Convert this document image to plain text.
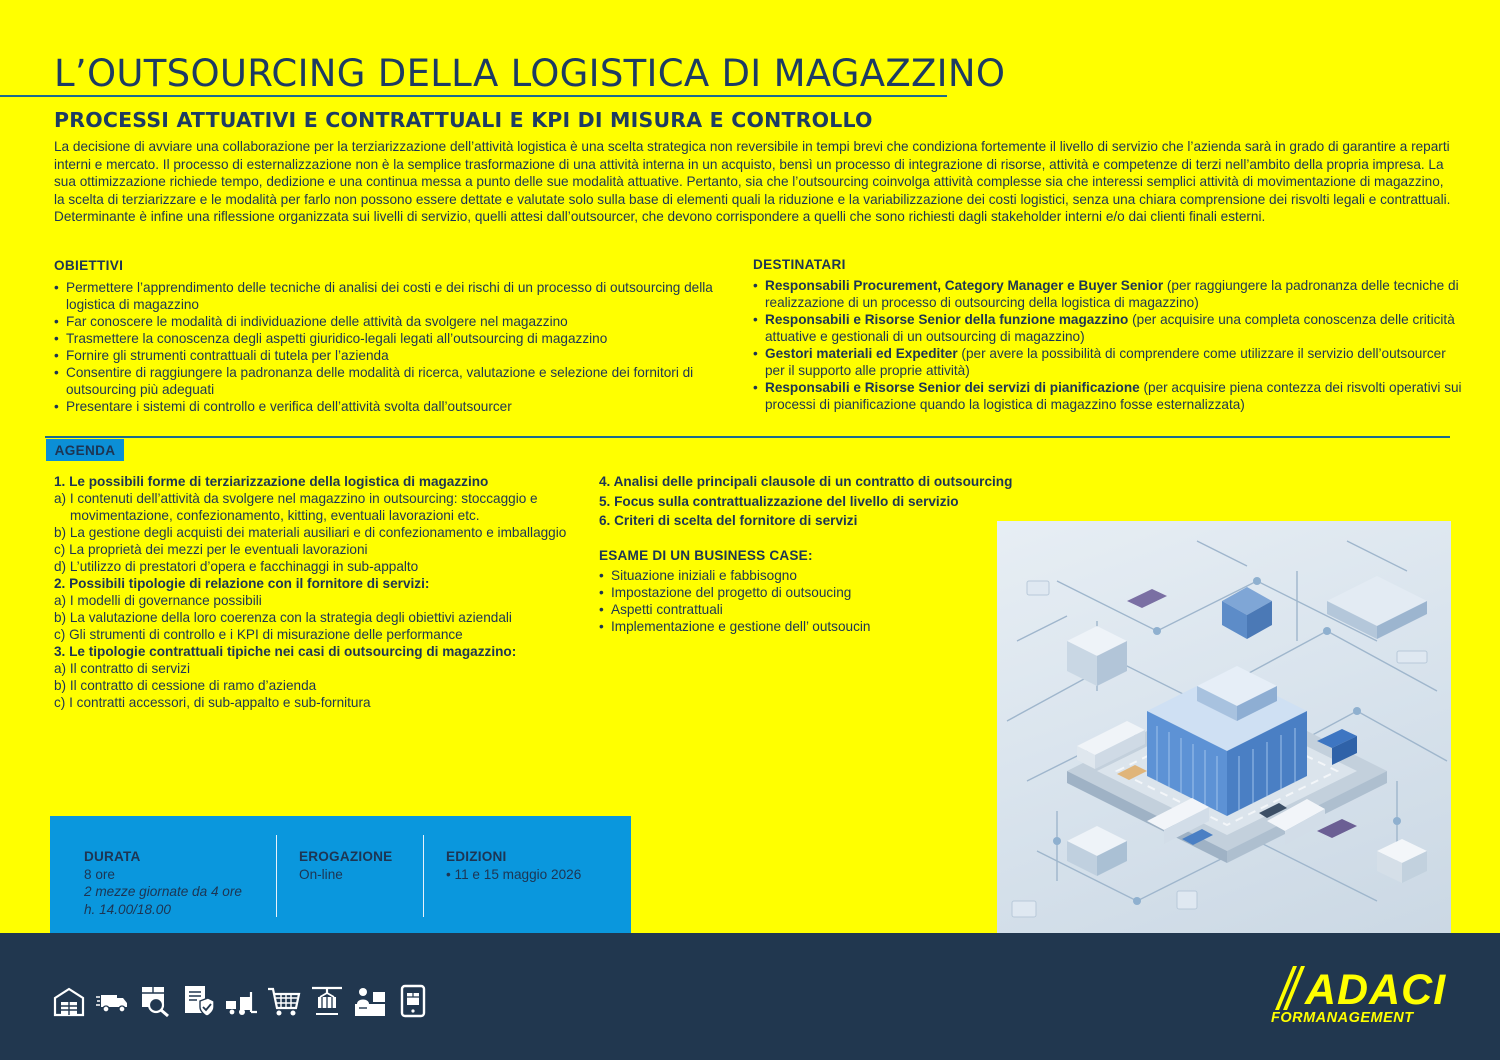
L’OUTSOURCING DELLA LOGISTICA DI MAGAZZINO
PROCESSI ATTUATIVI E CONTRATTUALI E KPI DI MISURA E CONTROLLO

La decisione di avviare una collaborazione per la terziarizzazione dell’attività logistica è una scelta strategica non reversibile in tempi brevi che condiziona fortemente il livello di servizio che l’azienda sarà in grado di garantire a reparti interni e mercato. Il processo di esternalizzazione non è la semplice trasformazione di una attività interna in un acquisto, bensì un processo di integrazione di risorse, attività e competenze di terzi nell’ambito della propria impresa. La sua ottimizzazione richiede tempo, dedizione e una continua messa a punto delle sue modalità attuative. Pertanto, sia che l’outsourcing coinvolga attività complesse sia che interessi semplici attività di movimentazione di magazzino, la scelta di terziarizzare e le modalità per farlo non possono essere dettate e valutate solo sulla base di elementi quali la riduzione e la variabilizzazione dei costi logistici, senza una chiara comprensione dei risvolti legali e contrattuali.

Determinante è infine una riflessione organizzata sui livelli di servizio, quelli attesi dall’outsourcer, che devono corrispondere a quelli che sono richiesti dagli stakeholder interni e/o dai clienti finali esterni.

OBIETTIVI
• Permettere l’apprendimento delle tecniche di analisi dei costi e dei rischi di un processo di outsourcing della logistica di magazzino
• Far conoscere le modalità di individuazione delle attività da svolgere nel magazzino
• Trasmettere la conoscenza degli aspetti giuridico-legali legati all’outsourcing di magazzino
• Fornire gli strumenti contrattuali di tutela per l’azienda
• Consentire di raggiungere la padronanza delle modalità di ricerca, valutazione e selezione dei fornitori di outsourcing più adeguati
• Presentare i sistemi di controllo e verifica dell’attività svolta dall’outsourcer
DESTINATARI
• Responsabili Procurement, Category Manager e Buyer Senior (per raggiungere la padronanza delle tecniche di realizzazione di un processo di outsourcing della logistica di magazzino)
• Responsabili e Risorse Senior della funzione magazzino (per acquisire una completa conoscenza delle criticità attuative e gestionali di un outsourcing di magazzino)
• Gestori materiali ed Expediter (per avere la possibilità di comprendere come utilizzare il servizio dell’outsourcer per il supporto alle proprie attività)
• Responsabili e Risorse Senior dei servizi di pianificazione (per acquisire piena contezza dei risvolti operativi sui processi di pianificazione quando la logistica di magazzino fosse esternalizzata)
AGENDA
1. Le possibili forme di terziarizzazione della logistica di magazzino
a) I contenuti dell’attività da svolgere nel magazzino in outsourcing: stoccaggio e movimentazione, confezionamento, kitting, eventuali lavorazioni etc.
b) La gestione degli acquisti dei materiali ausiliari e di confezionamento e imballaggio
c) La proprietà dei mezzi per le eventuali lavorazioni
d) L’utilizzo di prestatori d’opera e facchinaggi in sub-appalto
2. Possibili tipologie di relazione con il fornitore di servizi:
a) I modelli di governance possibili
b) La valutazione della loro coerenza con la strategia degli obiettivi aziendali
c) Gli strumenti di controllo e i KPI di misurazione delle performance
3. Le tipologie contrattuali tipiche nei casi di outsourcing di magazzino:
a) Il contratto di servizi
b) Il contratto di cessione di ramo d’azienda
c) I contratti accessori, di sub-appalto e sub-fornitura
4. Analisi delle principali clausole di un contratto di outsourcing
5. Focus sulla contrattualizzazione del livello di servizio
6. Criteri di scelta del fornitore di servizi
ESAME DI UN BUSINESS CASE:
• Situazione iniziali e fabbisogno
• Impostazione del progetto di outsoucing
• Aspetti contrattuali
• Implementazione e gestione dell’ outsoucin
DURATA
8 ore
2 mezze giornate da 4 ore
h. 14.00/18.00
EROGAZIONE
On-line
EDIZIONI
• 11 e 15 maggio 2026
ADACI
FORMANAGEMENT
